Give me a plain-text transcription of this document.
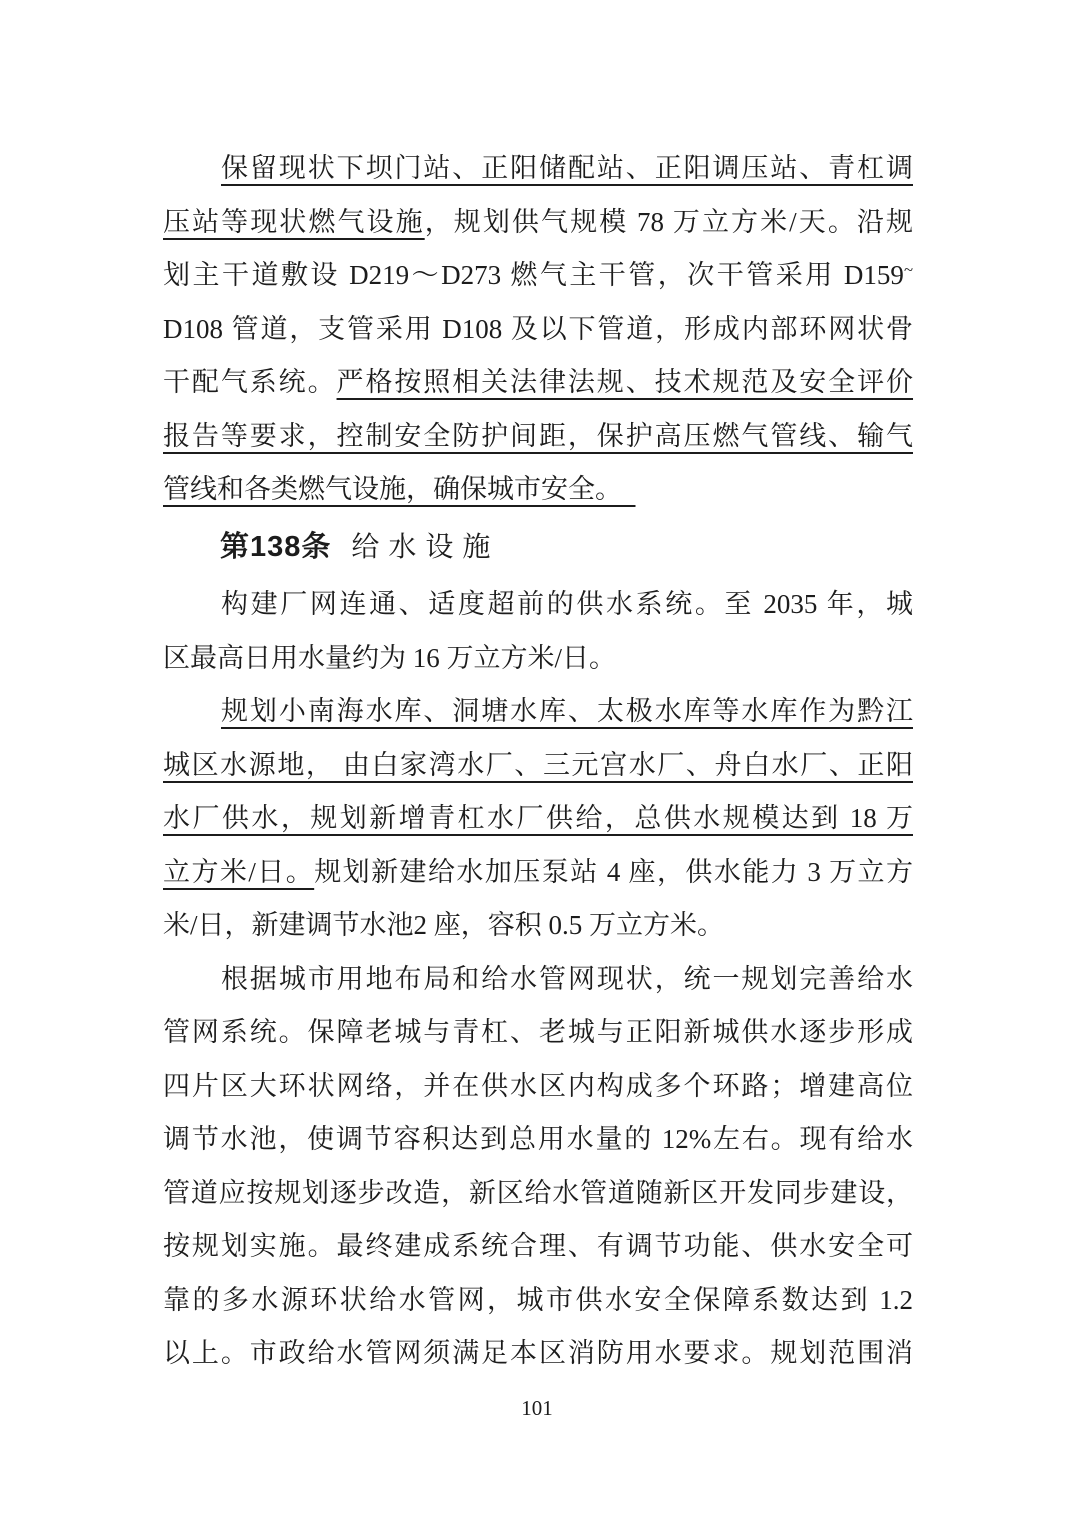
保留现状下坝门站、正阳储配站、正阳调压站、青杠调
压站等现状燃气设施，规划供气规模 78 万立方米/天。沿规
划主干道敷设 D219～D273 燃气主干管，次干管采用 D159~
D108 管道，支管采用 D108 及以下管道，形成内部环网状骨
干配气系统。严格按照相关法律法规、技术规范及安全评价
报告等要求，控制安全防护间距，保护高压燃气管线、输气
管线和各类燃气设施，确保城市安全。　
第138条 给水设施
构建厂网连通、适度超前的供水系统。至 2035 年，城
区最高日用水量约为 16 万立方米/日。
规划小南海水库、洞塘水库、太极水库等水库作为黔江
城区水源地， 由白家湾水厂、三元宫水厂、舟白水厂、正阳
水厂供水，规划新增青杠水厂供给，总供水规模达到 18 万
立方米/日。规划新建给水加压泵站 4 座，供水能力 3 万立方
米/日，新建调节水池2 座，容积 0.5 万立方米。
根据城市用地布局和给水管网现状，统一规划完善给水
管网系统。保障老城与青杠、老城与正阳新城供水逐步形成
四片区大环状网络，并在供水区内构成多个环路；增建高位
调节水池，使调节容积达到总用水量的 12%左右。现有给水
管道应按规划逐步改造，新区给水管道随新区开发同步建设，
按规划实施。最终建成系统合理、有调节功能、供水安全可
靠的多水源环状给水管网，城市供水安全保障系数达到 1.2
以上。市政给水管网须满足本区消防用水要求。规划范围消
101
